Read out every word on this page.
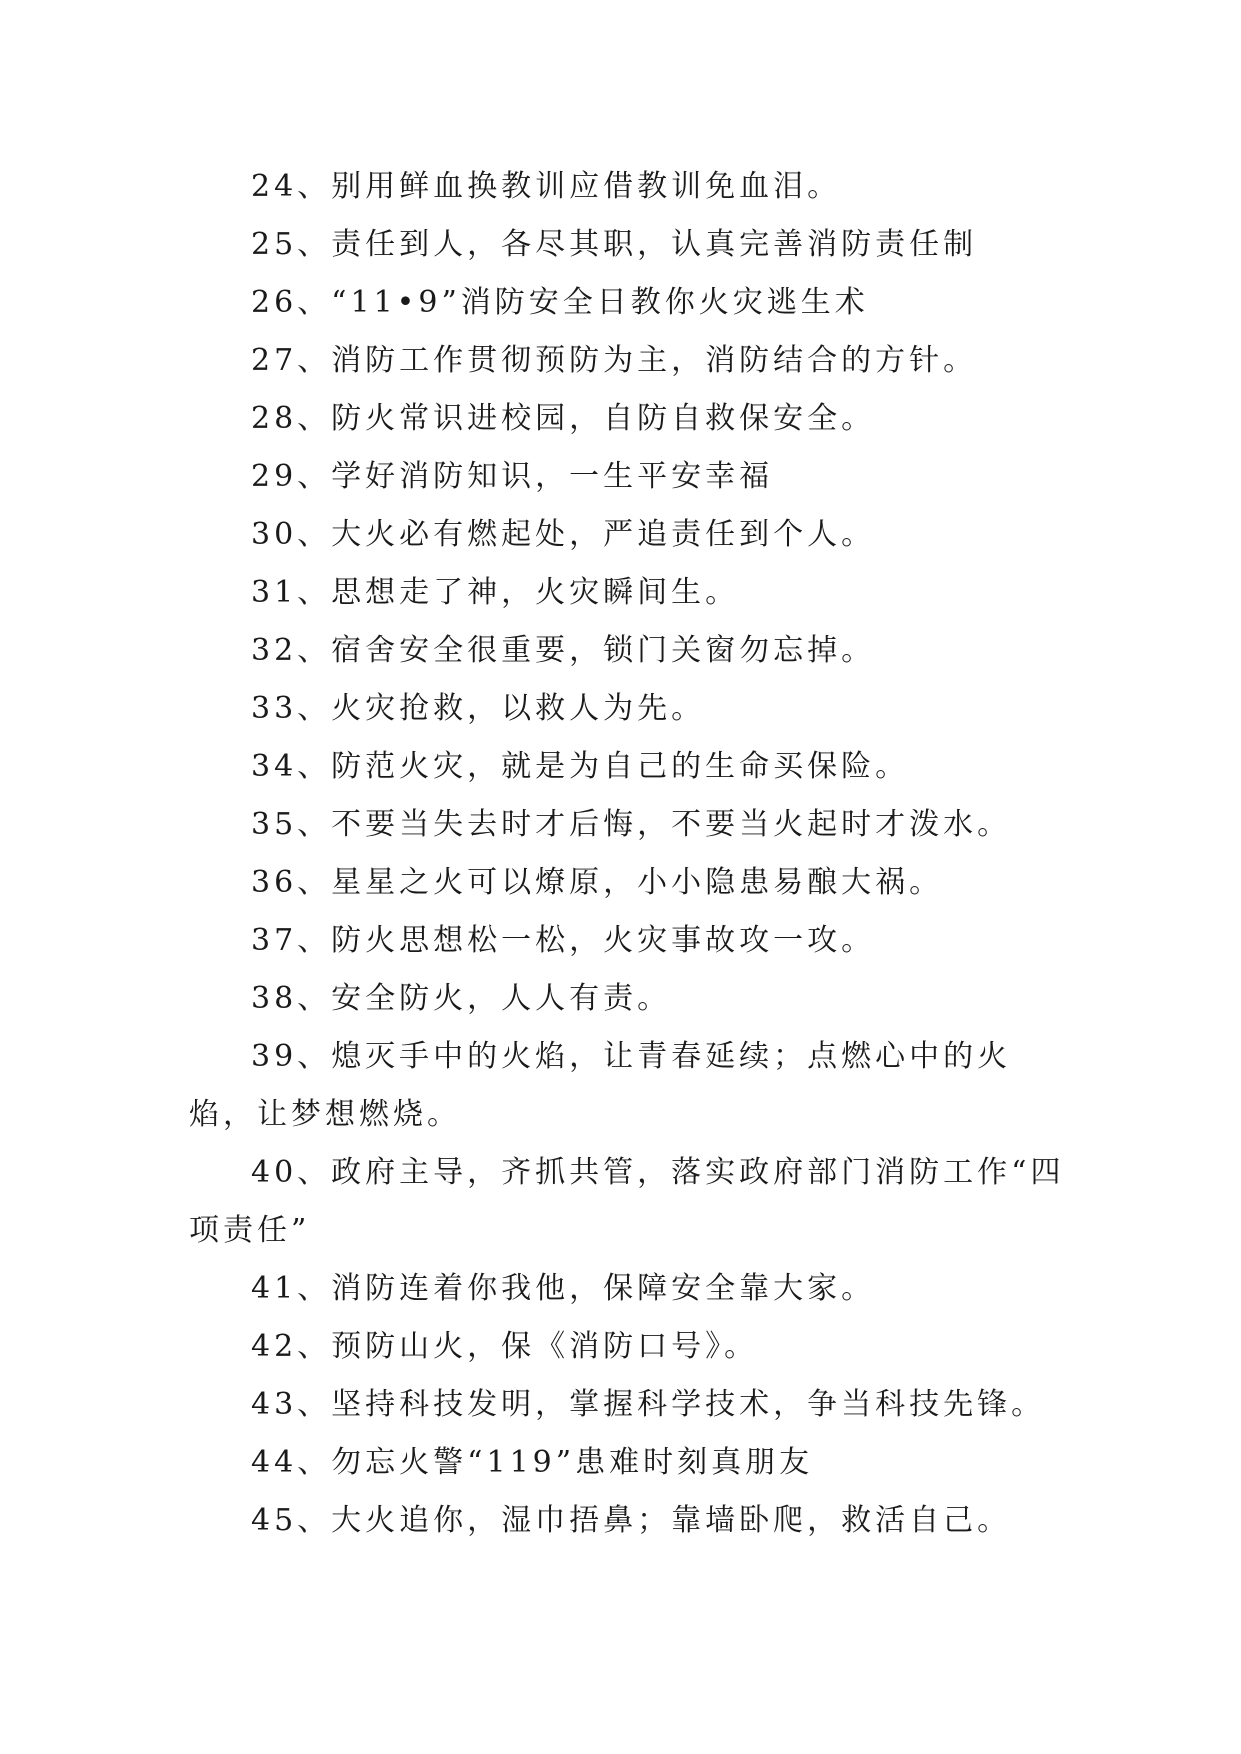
24、别用鲜血换教训应借教训免血泪。

25、责任到人，各尽其职，认真完善消防责任制

26、“11•9”消防安全日教你火灾逃生术

27、消防工作贯彻预防为主，消防结合的方针。

28、防火常识进校园，自防自救保安全。

29、学好消防知识，一生平安幸福

30、大火必有燃起处，严追责任到个人。

31、思想走了神，火灾瞬间生。

32、宿舍安全很重要，锁门关窗勿忘掉。

33、火灾抢救，以救人为先。

34、防范火灾，就是为自己的生命买保险。

35、不要当失去时才后悔，不要当火起时才泼水。

36、星星之火可以燎原，小小隐患易酿大祸。

37、防火思想松一松，火灾事故攻一攻。

38、安全防火，人人有责。

39、熄灭手中的火焰，让青春延续；点燃心中的火焰，让梦想燃烧。

40、政府主导，齐抓共管，落实政府部门消防工作“四项责任”

41、消防连着你我他，保障安全靠大家。

42、预防山火，保《消防口号》。

43、坚持科技发明，掌握科学技术，争当科技先锋。

44、勿忘火警“119”患难时刻真朋友

45、大火追你，湿巾捂鼻；靠墙卧爬，救活自己。
